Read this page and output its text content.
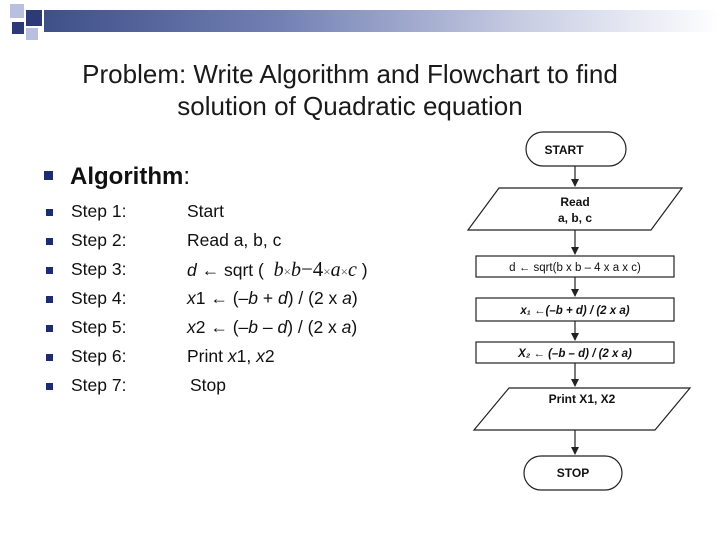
Problem: Write Algorithm and Flowchart to find
solution of Quadratic equation
Algorithm:
Step 1:	Start
Step 2:	Read a, b, c
Step 3:	d ← sqrt ( b×b−4×a×c )
Step 4:	x1 ← (–b + d) / (2 x a)
Step 5:	x2 ← (–b – d) / (2 x a)
Step 6:	Print x1, x2
Step 7:	Stop
START
Read
a, b, c
d ← sqrt(b x b – 4 x a x c)
x₁ ←(–b + d) / (2 x a)
X₂ ← (–b – d) / (2 x a)
Print X1, X2
STOP
